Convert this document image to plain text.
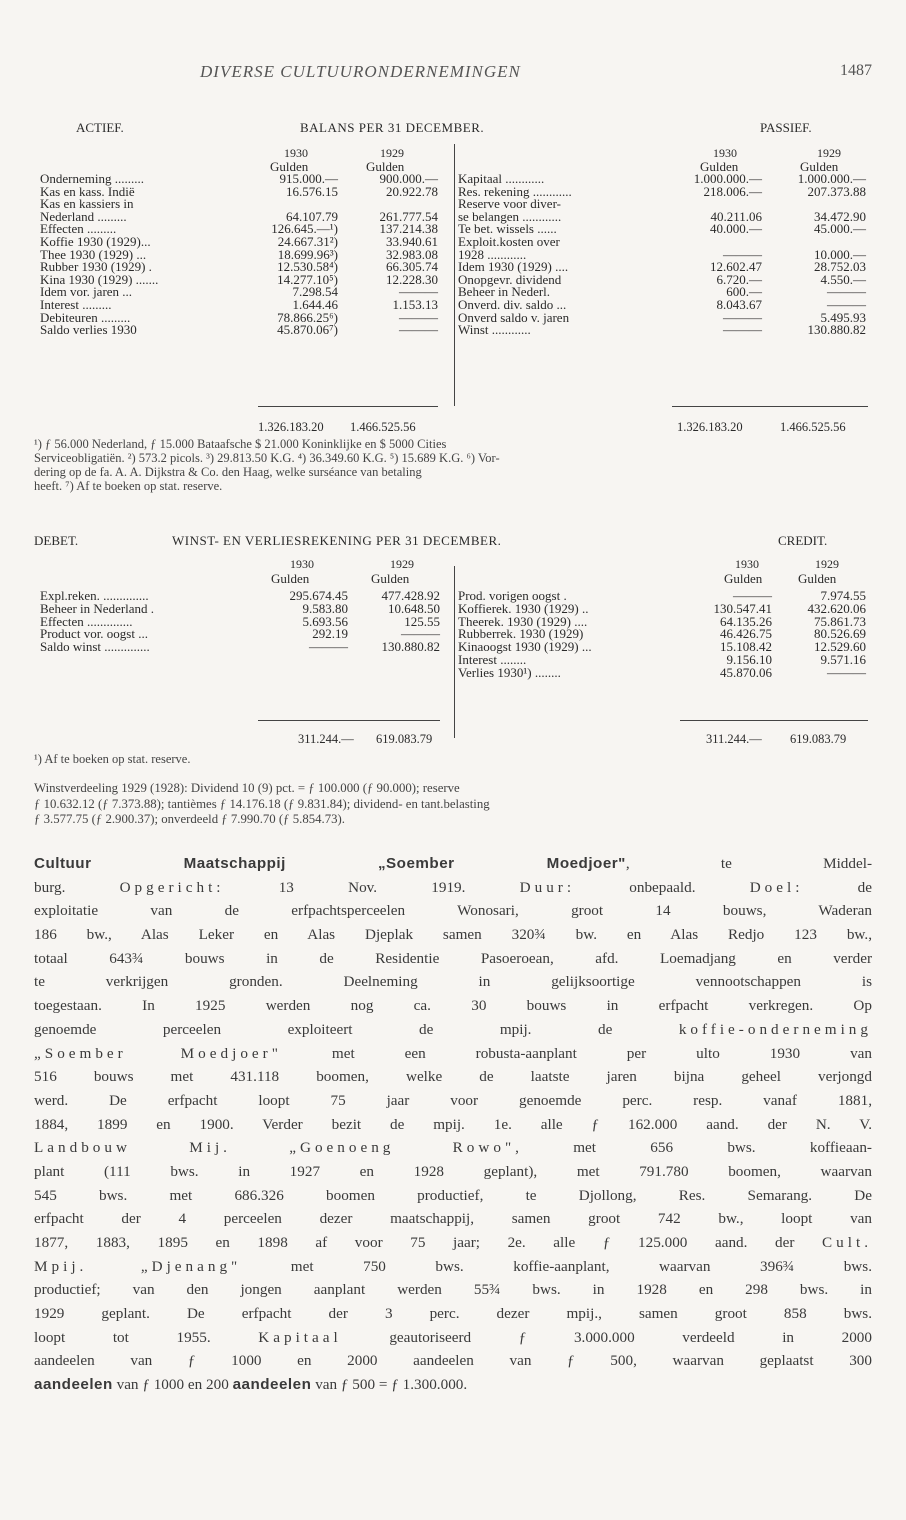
DIVERSE CULTUURONDERNEMINGEN	1487
ACTIEF.	BALANS PER 31 DECEMBER.	PASSIEF.
1930	1929
Gulden	Gulden
1930	1929
Gulden	Gulden
Onderneming .........	915.000.—	900.000.—
Kas en kass. Indië	16.576.15	20.922.78
Kas en kassiers in
Nederland .........	64.107.79	261.777.54
Effecten .........	126.645.—¹)	137.214.38
Koffie 1930 (1929)...	24.667.31²)	33.940.61
Thee 1930 (1929) ...	18.699.96³)	32.983.08
Rubber 1930 (1929) .	12.530.58⁴)	66.305.74
Kina 1930 (1929) .......	14.277.10⁵)	12.228.30
Idem vor. jaren ...	7.298.54	———
Interest .........	1.644.46	1.153.13
Debiteuren .........	78.866.25⁶)	———
Saldo verlies 1930	45.870.06⁷)	———
Kapitaal ............	1.000.000.—	1.000.000.—
Res. rekening ............	218.006.—	207.373.88
Reserve voor diver-
se belangen ............	40.211.06	34.472.90
Te bet. wissels ......	40.000.—	45.000.—
Exploit.kosten over
1928 ............	———	10.000.—
Idem 1930 (1929) ....	12.602.47	28.752.03
Onopgevr. dividend	6.720.—	4.550.—
Beheer in Nederl.	600.—	———
Onverd. div. saldo ...	8.043.67	———
Onverd saldo v. jaren	———	5.495.93
Winst ............	———	130.880.82
1.326.183.20 1.466.525.56	1.326.183.20	1.466.525.56
¹) ƒ 56.000 Nederland, ƒ 15.000 Bataafsche $ 21.000 Koninklijke en $ 5000 Cities
Serviceobligatiën. ²) 573.2 picols. ³) 29.813.50 K.G. ⁴) 36.349.60 K.G. ⁵) 15.689 K.G. ⁶) Vor-
dering op de fa. A. A. Dijkstra & Co. den Haag, welke surséance van betaling
heeft. ⁷) Af te boeken op stat. reserve.
DEBET.	WINST- EN VERLIESREKENING PER 31 DECEMBER.	CREDIT.
1930	1929
Gulden	Gulden
1930	1929
Gulden	Gulden
Expl.reken. ..............	295.674.45	477.428.92
Beheer in Nederland .	9.583.80	10.648.50
Effecten ..............	5.693.56	125.55
Product vor. oogst ...	292.19	———
Saldo winst ..............	———	130.880.82
Prod. vorigen oogst .	———	7.974.55
Koffierek. 1930 (1929) ..	130.547.41	432.620.06
Theerek. 1930 (1929) ....	64.135.26	75.861.73
Rubberrek. 1930 (1929)	46.426.75	80.526.69
Kinaoogst 1930 (1929) ...	15.108.42	12.529.60
Interest ........	9.156.10	9.571.16
Verlies 1930¹) ........	45.870.06	———
311.244.— 619.083.79	311.244.— 619.083.79
¹) Af te boeken op stat. reserve.
Winstverdeeling 1929 (1928): Dividend 10 (9) pct. = ƒ 100.000 (ƒ 90.000); reserve
ƒ 10.632.12 (ƒ 7.373.88); tantièmes ƒ 14.176.18 (ƒ 9.831.84); dividend- en tant.belasting
ƒ 3.577.75 (ƒ 2.900.37); onverdeeld ƒ 7.990.70 (ƒ 5.854.73).
Cultuur Maatschappij „Soember Moedjoer", te Middel-
burg. Opgericht: 13 Nov. 1919. Duur: onbepaald. Doel: de
exploitatie van de erfpachtsperceelen Wonosari, groot 14 bouws, Waderan
186 bw., Alas Leker en Alas Djeplak samen 320¾ bw. en Alas Redjo 123 bw.,
totaal 643¾ bouws in de Residentie Pasoeroean, afd. Loemadjang en verder
te verkrijgen gronden. Deelneming in gelijksoortige vennootschappen is
toegestaan. In 1925 werden nog ca. 30 bouws in erfpacht verkregen. Op
genoemde perceelen exploiteert de mpij. de koffie-onderneming
„Soember Moedjoer" met een robusta-aanplant per ulto 1930 van
516 bouws met 431.118 boomen, welke de laatste jaren bijna geheel verjongd
werd. De erfpacht loopt 75 jaar voor genoemde perc. resp. vanaf 1881,
1884, 1899 en 1900. Verder bezit de mpij. 1e. alle ƒ 162.000 aand. der N. V.
Landbouw Mij. „Goenoeng Rowo", met 656 bws. koffieaan-
plant (111 bws. in 1927 en 1928 geplant), met 791.780 boomen, waarvan
545 bws. met 686.326 boomen productief, te Djollong, Res. Semarang. De
erfpacht der 4 perceelen dezer maatschappij, samen groot 742 bw., loopt van
1877, 1883, 1895 en 1898 af voor 75 jaar; 2e. alle ƒ 125.000 aand. der Cult.
Mpij. „Djenang" met 750 bws. koffie-aanplant, waarvan 396¾ bws.
productief; van den jongen aanplant werden 55¾ bws. in 1928 en 298 bws. in
1929 geplant. De erfpacht der 3 perc. dezer mpij., samen groot 858 bws.
loopt tot 1955. Kapitaal geautoriseerd ƒ 3.000.000 verdeeld in 2000
aandeelen van ƒ 1000 en 2000 aandeelen van ƒ 500, waarvan geplaatst 300
aandeelen van ƒ 1000 en 200 aandeelen van ƒ 500 = ƒ 1.300.000.
